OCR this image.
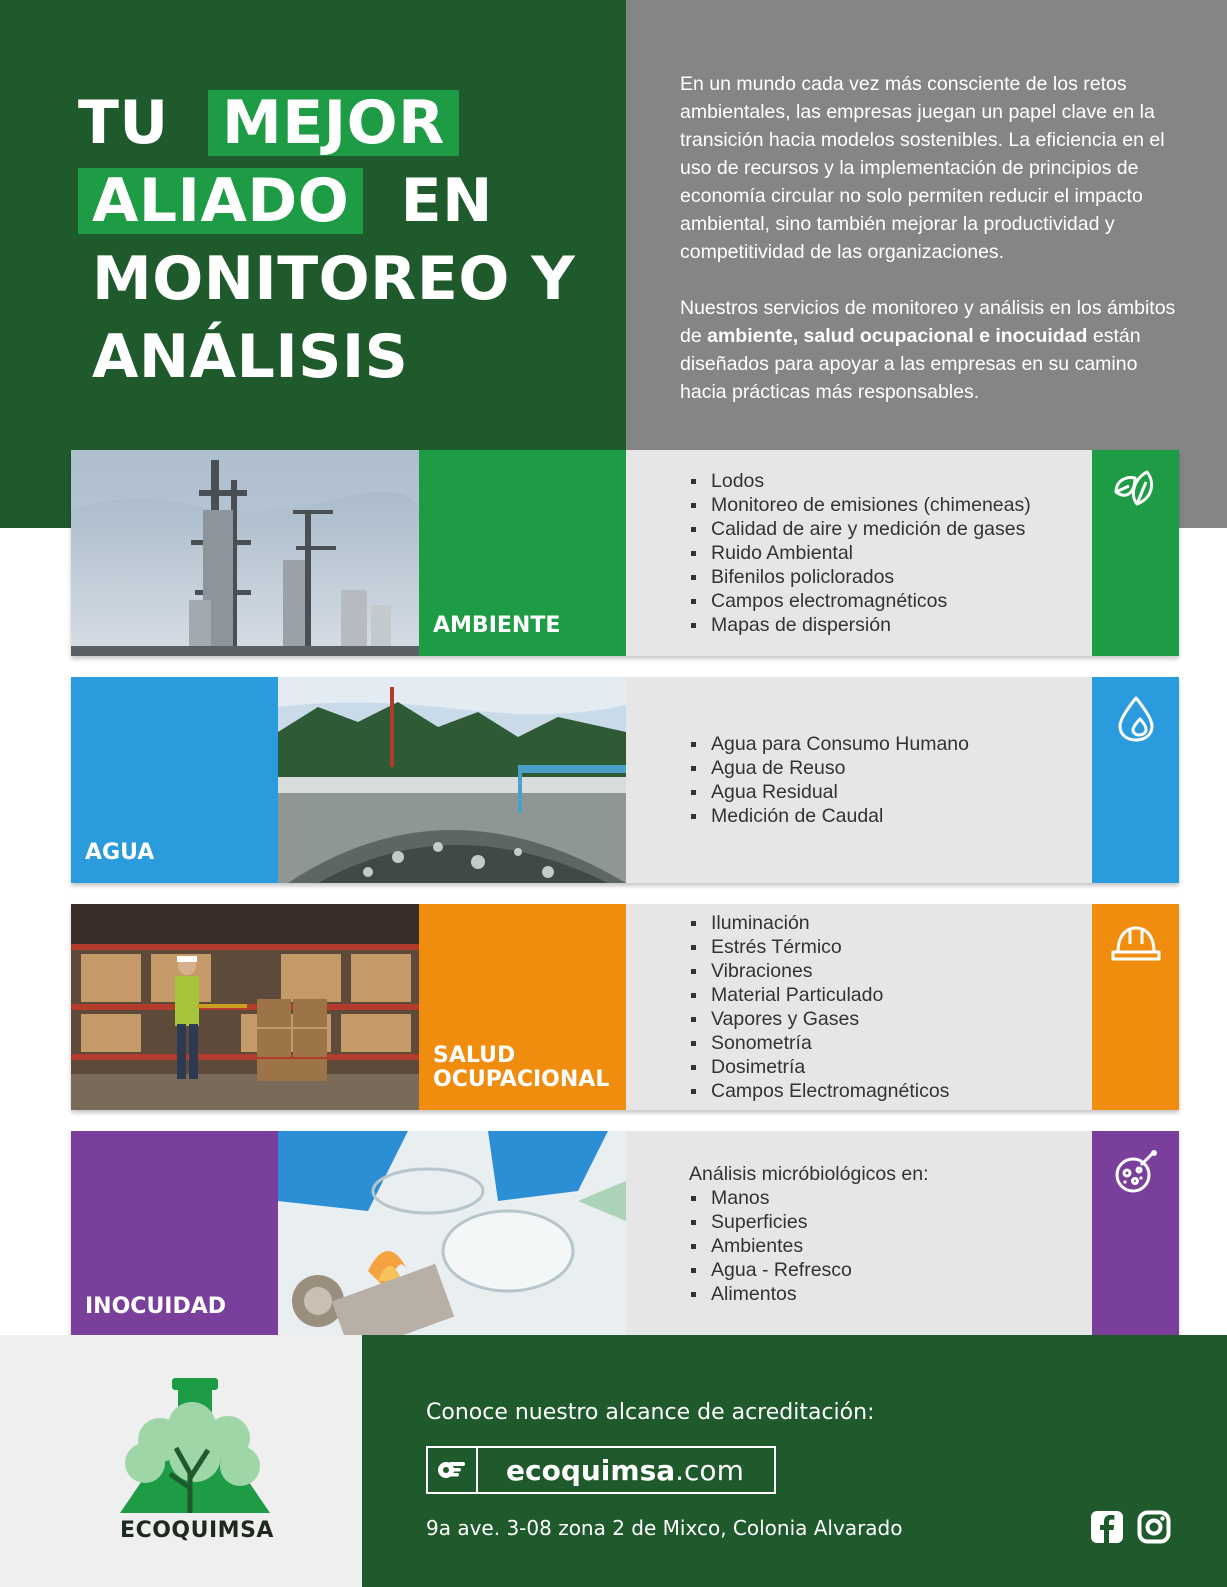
TU MEJOR
ALIADO EN
MONITOREO Y
ANÁLISIS

En un mundo cada vez más consciente de los retos ambientales, las empresas juegan un papel clave en la transición hacia modelos sostenibles. La eficiencia en el uso de recursos y la implementación de principios de economía circular no solo permiten reducir el impacto ambiental, sino también mejorar la productividad y competitividad de las organizaciones.

Nuestros servicios de monitoreo y análisis en los ámbitos de ambiente, salud ocupacional e inocuidad están diseñados para apoyar a las empresas en su camino hacia prácticas más responsables.

AMBIENTE
Lodos
Monitoreo de emisiones (chimeneas)
Calidad de aire y medición de gases
Ruido Ambiental
Bifenilos policlorados
Campos electromagnéticos
Mapas de dispersión
AGUA
Agua para Consumo Humano
Agua de Reuso
Agua Residual
Medición de Caudal
SALUD
OCUPACIONAL
Iluminación
Estrés Térmico
Vibraciones
Material Particulado
Vapores y Gases
Sonometría
Dosimetría
Campos Electromagnéticos
INOCUIDAD
Análisis micróbiológicos en:
Manos
Superficies
Ambientes
Agua - Refresco
Alimentos
ECOQUIMSA
Conoce nuestro alcance de acreditación:
ecoquimsa .com
9a ave. 3-08 zona 2 de Mixco, Colonia Alvarado
